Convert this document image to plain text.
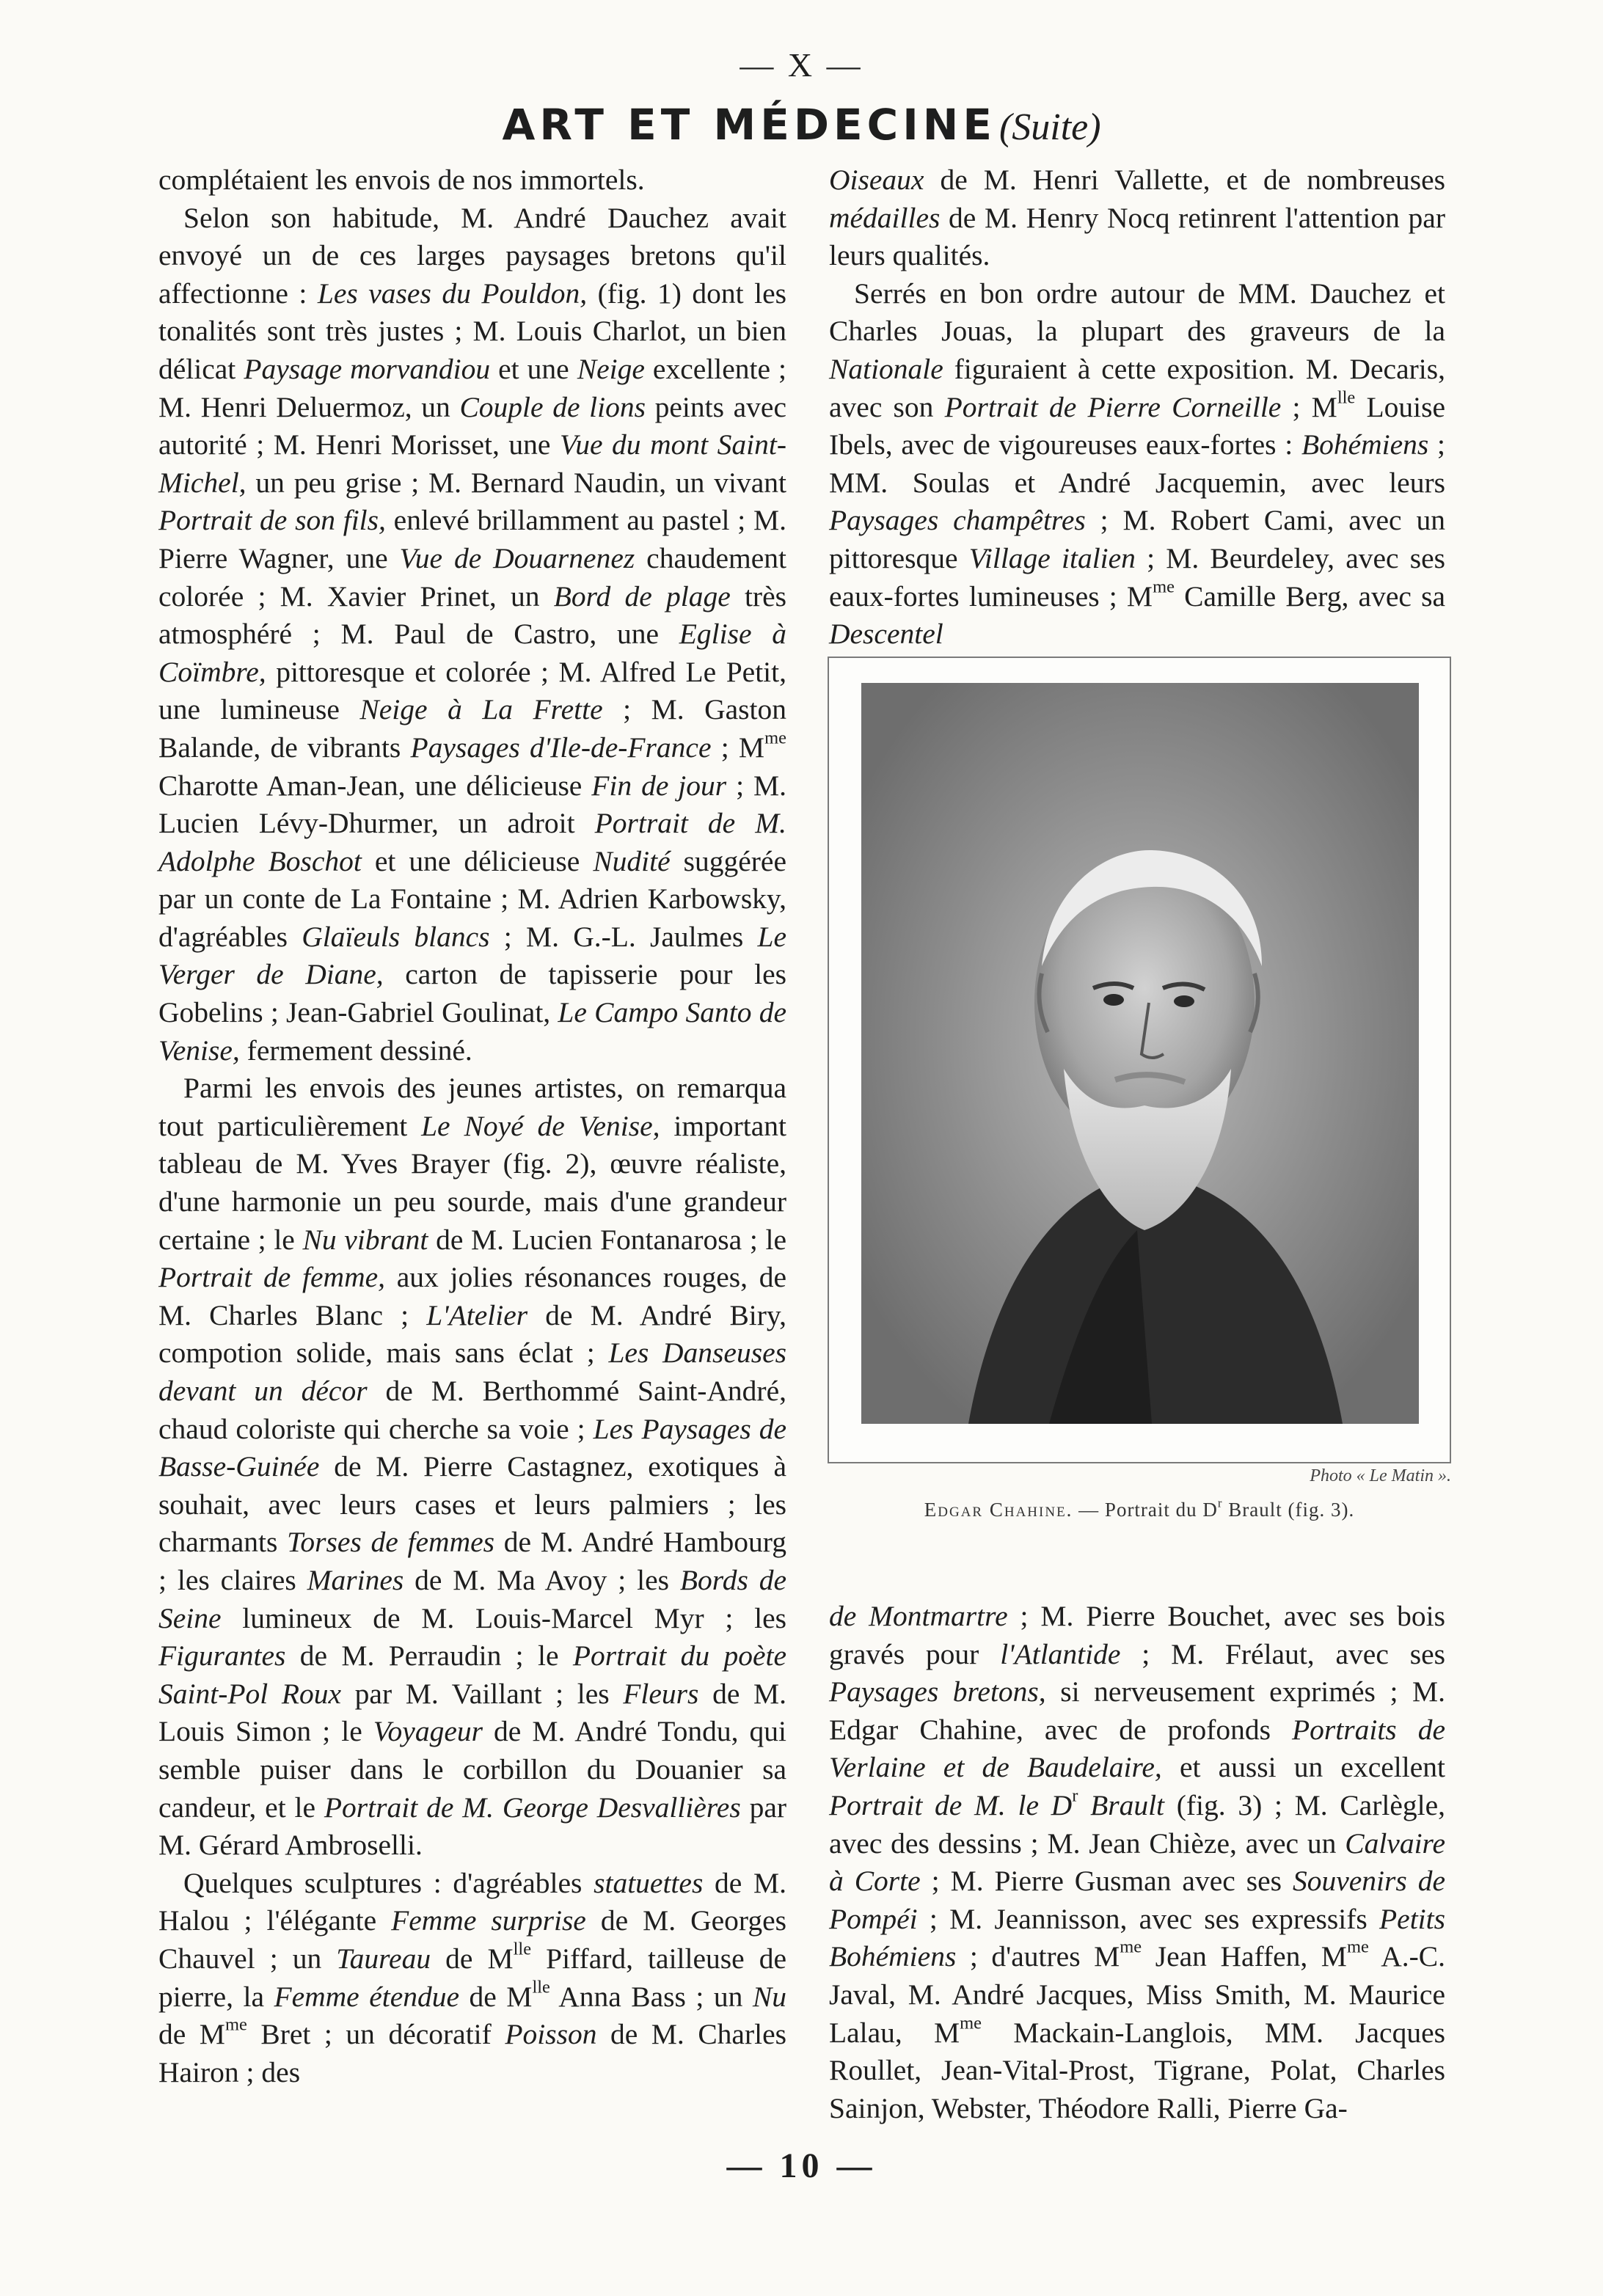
— X —
ART ET MÉDECINE (Suite)

complétaient les envois de nos immortels.

Selon son habitude, M. André Dauchez avait envoyé un de ces larges paysages bretons qu'il affectionne : Les vases du Pouldon, (fig. 1) dont les tonalités sont très justes ; M. Louis Charlot, un bien délicat Paysage morvandiou et une Neige excellente ; M. Henri Deluermoz, un Couple de lions peints avec autorité ; M. Henri Morisset, une Vue du mont Saint-Michel, un peu grise ; M. Bernard Naudin, un vivant Portrait de son fils, enlevé brillamment au pastel ; M. Pierre Wagner, une Vue de Douarnenez chaudement colorée ; M. Xavier Prinet, un Bord de plage très atmosphéré ; M. Paul de Castro, une Eglise à Coïmbre, pittoresque et colorée ; M. Alfred Le Petit, une lumineuse Neige à La Frette ; M. Gaston Balande, de vibrants Paysages d'Ile-de-France ; $M^{me}$ Charotte Aman-Jean, une délicieuse Fin de jour ; M. Lucien Lévy-Dhurmer, un adroit Portrait de M. Adolphe Boschot et une délicieuse Nudité suggérée par un conte de La Fontaine ; M. Adrien Karbowsky, d'agréables Glaïeuls blancs ; M. G.-L. Jaulmes Le Verger de Diane, carton de tapisserie pour les Gobelins ; Jean-Gabriel Goulinat, Le Campo Santo de Venise, fermement dessiné.

Parmi les envois des jeunes artistes, on remarqua tout particulièrement Le Noyé de Venise, important tableau de M. Yves Brayer (fig. 2), œuvre réaliste, d'une harmonie un peu sourde, mais d'une grandeur certaine ; le Nu vibrant de M. Lucien Fontanarosa ; le Portrait de femme, aux jolies résonances rouges, de M. Charles Blanc ; L'Atelier de M. André Biry, compotion solide, mais sans éclat ; Les Danseuses devant un décor de M. Berthommé Saint-André, chaud coloriste qui cherche sa voie ; Les Paysages de Basse-Guinée de M. Pierre Castagnez, exotiques à souhait, avec leurs cases et leurs palmiers ; les charmants Torses de femmes de M. André Hambourg ; les claires Marines de M. Ma Avoy ; les Bords de Seine lumineux de M. Louis-Marcel Myr ; les Figurantes de M. Perraudin ; le Portrait du poète Saint-Pol Roux par M. Vaillant ; les Fleurs de M. Louis Simon ; le Voyageur de M. André Tondu, qui semble puiser dans le corbillon du Douanier sa candeur, et le Portrait de M. George Desvallières par M. Gérard Ambroselli.

Quelques sculptures : d'agréables statuettes de M. Halou ; l'élégante Femme surprise de M. Georges Chauvel ; un Taureau de $M^{lle}$ Piffard, tailleuse de pierre, la Femme étendue de $M^{lle}$ Anna Bass ; un Nu de $M^{me}$ Bret ; un décoratif Poisson de M. Charles Hairon ; des

Oiseaux de M. Henri Vallette, et de nombreuses médailles de M. Henry Nocq retinrent l'attention par leurs qualités.

Serrés en bon ordre autour de MM. Dauchez et Charles Jouas, la plupart des graveurs de la Nationale figuraient à cette exposition. M. Decaris, avec son Portrait de Pierre Corneille ; $M^{lle}$ Louise Ibels, avec de vigoureuses eaux-fortes : Bohémiens ; MM. Soulas et André Jacquemin, avec leurs Paysages champêtres ; M. Robert Cami, avec un pittoresque Village italien ; M. Beurdeley, avec ses eaux-fortes lumineuses ; $M^{me}$ Camille Berg, avec sa Descentel

Photo « Le Matin ».
Edgar Chahine. — Portrait du $D^r$ Brault (fig. 3).

de Montmartre ; M. Pierre Bouchet, avec ses bois gravés pour l'Atlantide ; M. Frélaut, avec ses Paysages bretons, si nerveusement exprimés ; M. Edgar Chahine, avec de profonds Portraits de Verlaine et de Baudelaire, et aussi un excellent Portrait de M. le $D^r$ Brault (fig. 3) ; M. Carlègle, avec des dessins ; M. Jean Chièze, avec un Calvaire à Corte ; M. Pierre Gusman avec ses Souvenirs de Pompéi ; M. Jeannisson, avec ses expressifs Petits Bohémiens ; d'autres $M^{me}$ Jean Haffen, $M^{me}$ A.-C. Javal, M. André Jacques, Miss Smith, M. Maurice Lalau, $M^{me}$ Mackain-Langlois, MM. Jacques Roullet, Jean-Vital-Prost, Tigrane, Polat, Charles Sainjon, Webster, Théodore Ralli, Pierre Ga-

— 10 —
